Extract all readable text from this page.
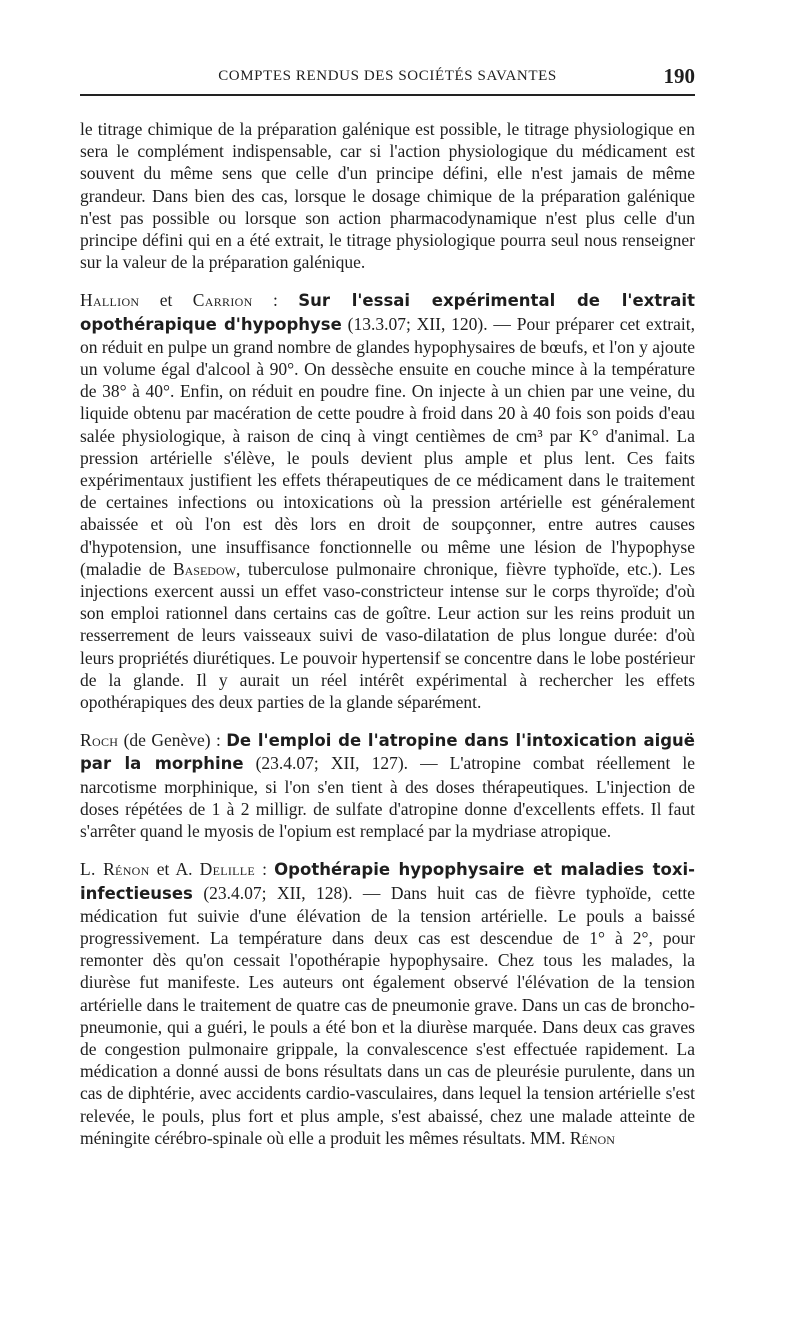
COMPTES RENDUS DES SOCIÉTÉS SAVANTES	190

le titrage chimique de la préparation galénique est possible, le titrage physiologique en sera le complément indispensable, car si l'action physiologique du médicament est souvent du même sens que celle d'un principe défini, elle n'est jamais de même grandeur. Dans bien des cas, lorsque le dosage chimique de la préparation galénique n'est pas possible ou lorsque son action pharmacodynamique n'est plus celle d'un principe défini qui en a été extrait, le titrage physiologique pourra seul nous renseigner sur la valeur de la préparation galénique.

Hallion et Carrion : Sur l'essai expérimental de l'extrait opothérapique d'hypophyse (13.3.07; XII, 120). — Pour préparer cet extrait, on réduit en pulpe un grand nombre de glandes hypophysaires de bœufs, et l'on y ajoute un volume égal d'alcool à 90°. On dessèche ensuite en couche mince à la température de 38° à 40°. Enfin, on réduit en poudre fine. On injecte à un chien par une veine, du liquide obtenu par macération de cette poudre à froid dans 20 à 40 fois son poids d'eau salée physiologique, à raison de cinq à vingt centièmes de cm³ par K° d'animal. La pression artérielle s'élève, le pouls devient plus ample et plus lent. Ces faits expérimentaux justifient les effets thérapeutiques de ce médicament dans le traitement de certaines infections ou intoxications où la pression artérielle est généralement abaissée et où l'on est dès lors en droit de soupçonner, entre autres causes d'hypotension, une insuffisance fonctionnelle ou même une lésion de l'hypophyse (maladie de Basedow, tuberculose pulmonaire chronique, fièvre typhoïde, etc.). Les injections exercent aussi un effet vaso-constricteur intense sur le corps thyroïde; d'où son emploi rationnel dans certains cas de goître. Leur action sur les reins produit un resserrement de leurs vaisseaux suivi de vaso-dilatation de plus longue durée: d'où leurs propriétés diurétiques. Le pouvoir hypertensif se concentre dans le lobe postérieur de la glande. Il y aurait un réel intérêt expérimental à rechercher les effets opothérapiques des deux parties de la glande séparément.

Roch (de Genève) : De l'emploi de l'atropine dans l'intoxication aiguë par la morphine (23.4.07; XII, 127). — L'atropine combat réellement le narcotisme morphinique, si l'on s'en tient à des doses thérapeutiques. L'injection de doses répétées de 1 à 2 milligr. de sulfate d'atropine donne d'excellents effets. Il faut s'arrêter quand le myosis de l'opium est remplacé par la mydriase atropique.

L. Rénon et A. Delille : Opothérapie hypophysaire et maladies toxi-infectieuses (23.4.07; XII, 128). — Dans huit cas de fièvre typhoïde, cette médication fut suivie d'une élévation de la tension artérielle. Le pouls a baissé progressivement. La température dans deux cas est descendue de 1° à 2°, pour remonter dès qu'on cessait l'opothérapie hypophysaire. Chez tous les malades, la diurèse fut manifeste. Les auteurs ont également observé l'élévation de la tension artérielle dans le traitement de quatre cas de pneumonie grave. Dans un cas de broncho-pneumonie, qui a guéri, le pouls a été bon et la diurèse marquée. Dans deux cas graves de congestion pulmonaire grippale, la convalescence s'est effectuée rapidement. La médication a donné aussi de bons résultats dans un cas de pleurésie purulente, dans un cas de diphtérie, avec accidents cardio-vasculaires, dans lequel la tension artérielle s'est relevée, le pouls, plus fort et plus ample, s'est abaissé, chez une malade atteinte de méningite cérébro-spinale où elle a produit les mêmes résultats. MM. Rénon
